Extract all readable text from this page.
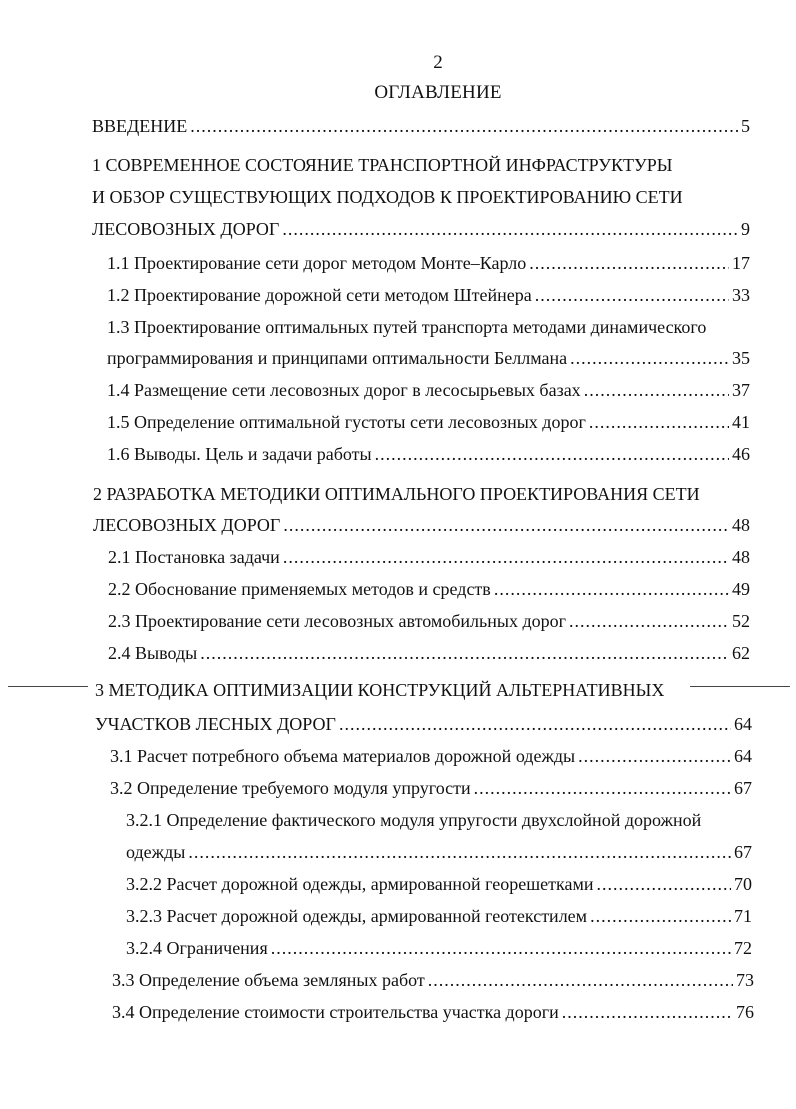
2
ОГЛАВЛЕНИЕ
ВВЕДЕНИЕ .....	5
1 СОВРЕМЕННОЕ СОСТОЯНИЕ ТРАНСПОРТНОЙ ИНФРАСТРУКТУРЫ
И ОБЗОР СУЩЕСТВУЮЩИХ ПОДХОДОВ К ПРОЕКТИРОВАНИЮ СЕТИ
ЛЕСОВОЗНЫХ ДОРОГ .....	9
1.1 Проектирование сети дорог методом Монте–Карло .....	17
1.2 Проектирование дорожной сети методом Штейнера .....	33
1.3 Проектирование оптимальных путей транспорта методами динамического
программирования и принципами оптимальности Беллмана .....	35
1.4 Размещение сети лесовозных дорог в лесосырьевых базах .....	37
1.5 Определение оптимальной густоты сети лесовозных дорог .....	41
1.6 Выводы. Цель и задачи работы .....	46
2 РАЗРАБОТКА МЕТОДИКИ ОПТИМАЛЬНОГО ПРОЕКТИРОВАНИЯ СЕТИ
ЛЕСОВОЗНЫХ ДОРОГ .....	48
2.1 Постановка задачи .....	48
2.2 Обоснование применяемых методов и средств .....	49
2.3 Проектирование сети лесовозных автомобильных дорог .....	52
2.4 Выводы .....	62
3 МЕТОДИКА ОПТИМИЗАЦИИ КОНСТРУКЦИЙ АЛЬТЕРНАТИВНЫХ
УЧАСТКОВ ЛЕСНЫХ ДОРОГ .....	64
3.1 Расчет потребного объема материалов дорожной одежды .....	64
3.2 Определение требуемого модуля упругости .....	67
3.2.1 Определение фактического модуля упругости двухслойной дорожной
одежды .....	67
3.2.2 Расчет дорожной одежды, армированной георешетками .....	70
3.2.3 Расчет дорожной одежды, армированной геотекстилем .....	71
3.2.4 Ограничения .....	72
3.3 Определение объема земляных работ .....	73
3.4 Определение стоимости строительства участка дороги .....	76
